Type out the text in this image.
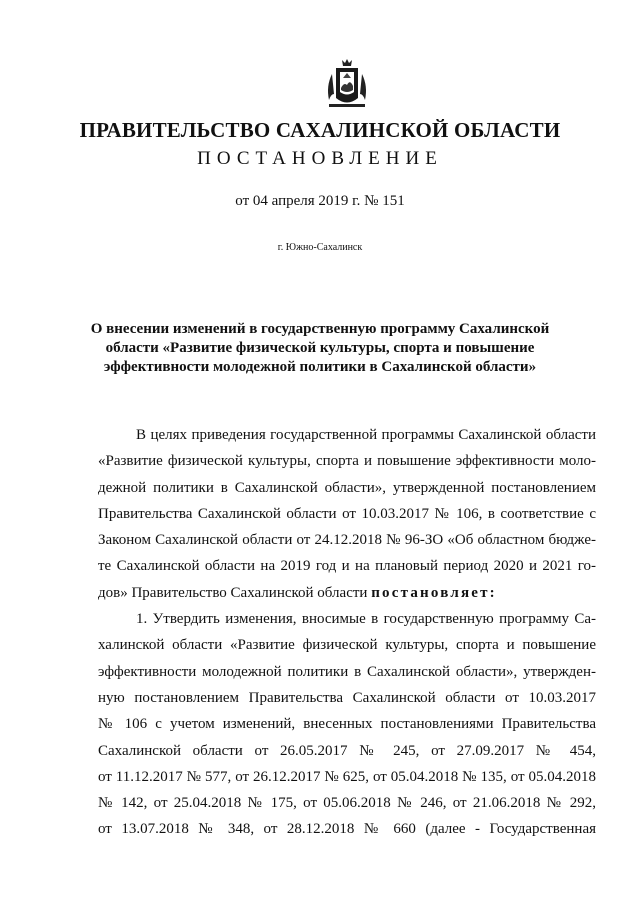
ПРАВИТЕЛЬСТВО САХАЛИНСКОЙ ОБЛАСТИ
ПОСТАНОВЛЕНИЕ
от 04 апреля 2019 г. № 151
г. Южно-Сахалинск
О внесении изменений в государственную программу Сахалинской
области «Развитие физической культуры, спорта и повышение
эффективности молодежной политики в Сахалинской области»
В целях приведения государственной программы Сахалинской области
«Развитие физической культуры, спорта и повышение эффективности моло-
дежной политики в Сахалинской области», утвержденной постановлением
Правительства Сахалинской области от 10.03.2017 № 106, в соответствие с
Законом Сахалинской области от 24.12.2018 № 96-ЗО «Об областном бюдже-
те Сахалинской области на 2019 год и на плановый период 2020 и 2021 го-
дов» Правительство Сахалинской области постановляет:
1. Утвердить изменения, вносимые в государственную программу Са-
халинской области «Развитие физической культуры, спорта и повышение
эффективности молодежной политики в Сахалинской области», утвержден-
ную постановлением Правительства Сахалинской области от 10.03.2017
№ 106 с учетом изменений, внесенных постановлениями Правительства
Сахалинской области от 26.05.2017 № 245, от 27.09.2017 № 454,
от 11.12.2017 № 577, от 26.12.2017 № 625, от 05.04.2018 № 135, от 05.04.2018
№ 142, от 25.04.2018 № 175, от 05.06.2018 № 246, от 21.06.2018 № 292,
от 13.07.2018 № 348, от 28.12.2018 № 660 (далее - Государственная
